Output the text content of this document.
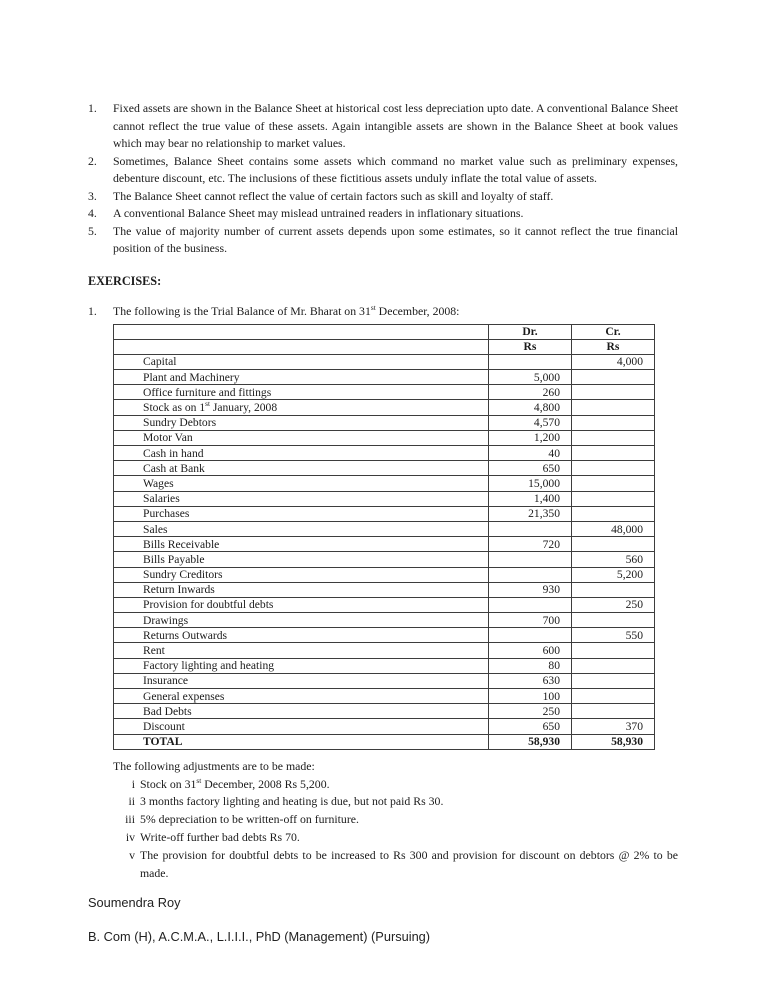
1.	Fixed assets are shown in the Balance Sheet at historical cost less depreciation upto date. A conventional Balance Sheet cannot reflect the true value of these assets. Again intangible assets are shown in the Balance Sheet at book values which may bear no relationship to market values.
2.	Sometimes, Balance Sheet contains some assets which command no market value such as preliminary expenses, debenture discount, etc. The inclusions of these fictitious assets unduly inflate the total value of assets.
3.	The Balance Sheet cannot reflect the value of certain factors such as skill and loyalty of staff.
4.	A conventional Balance Sheet may mislead untrained readers in inflationary situations.
5.	The value of majority number of current assets depends upon some estimates, so it cannot reflect the true financial position of the business.
EXERCISES:
1.	The following is the Trial Balance of Mr. Bharat on 31st December, 2008:
	Dr.	Cr.
	Rs	Rs
Capital		4,000
Plant and Machinery	5,000	
Office furniture and fittings	260	
Stock as on 1st January, 2008	4,800	
Sundry Debtors	4,570	
Motor Van	1,200	
Cash in hand	40	
Cash at Bank	650	
Wages	15,000	
Salaries	1,400	
Purchases	21,350	
Sales		48,000
Bills Receivable	720	
Bills Payable		560
Sundry Creditors		5,200
Return Inwards	930	
Provision for doubtful debts		250
Drawings	700	
Returns Outwards		550
Rent	600	
Factory lighting and heating	80	
Insurance	630	
General expenses	100	
Bad Debts	250	
Discount	650	370
TOTAL	58,930	58,930
The following adjustments are to be made:
i Stock on 31st December, 2008 Rs 5,200.
ii 3 months factory lighting and heating is due, but not paid Rs 30.
iii 5% depreciation to be written-off on furniture.
iv Write-off further bad debts Rs 70.
v The provision for doubtful debts to be increased to Rs 300 and provision for discount on debtors @ 2% to be made.
Soumendra Roy
B. Com (H), A.C.M.A., L.I.I.I., PhD (Management) (Pursuing)
